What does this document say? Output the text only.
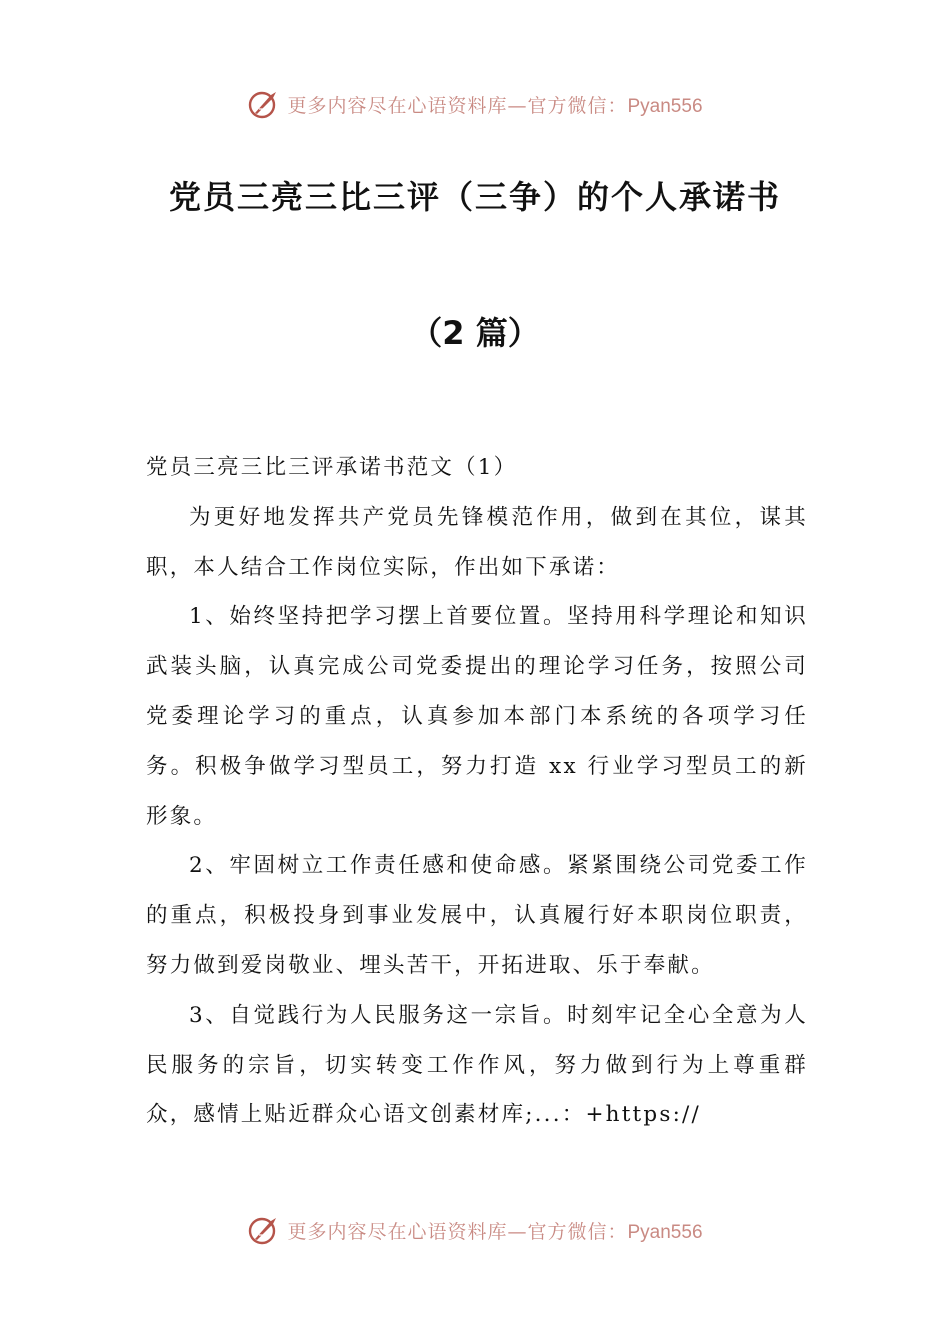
更多内容尽在心语资料库—官方微信：Pyan556
党员三亮三比三评（三争）的个人承诺书
（2 篇）

党员三亮三比三评承诺书范文（1）

为更好地发挥共产党员先锋模范作用，做到在其位，谋其职，本人结合工作岗位实际，作出如下承诺：

1、始终坚持把学习摆上首要位置。坚持用科学理论和知识武装头脑，认真完成公司党委提出的理论学习任务，按照公司党委理论学习的重点，认真参加本部门本系统的各项学习任务。积极争做学习型员工，努力打造 xx 行业学习型员工的新形象。

2、牢固树立工作责任感和使命感。紧紧围绕公司党委工作的重点，积极投身到事业发展中，认真履行好本职岗位职责，努力做到爱岗敬业、埋头苦干，开拓进取、乐于奉献。

3、自觉践行为人民服务这一宗旨。时刻牢记全心全意为人民服务的宗旨，切实转变工作作风，努力做到行为上尊重群众，感情上贴近群众心语文创素材库;...：+https://

更多内容尽在心语资料库—官方微信：Pyan556
